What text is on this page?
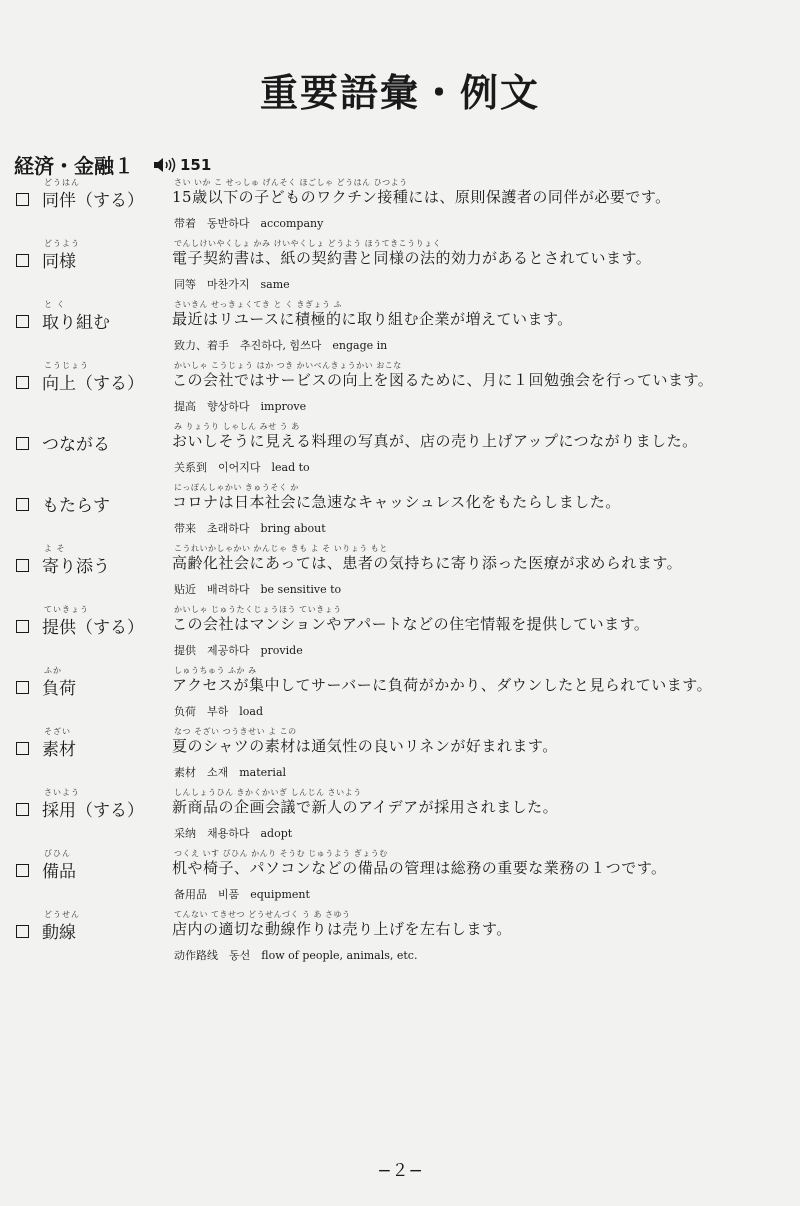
重要語彙・例文
経済・金融１	151
どうはん
同伴（する）
さい いか こ せっしゅ げんそく ほごしゃ どうはん ひつよう
15歳以下の子どものワクチン接種には、原則保護者の同伴が必要です。
带着　동반하다　accompany
どうよう
同様
でんしけいやくしょ かみ けいやくしょ どうよう ほうてきこうりょく
電子契約書は、紙の契約書と同様の法的効力があるとされています。
同等　마찬가지　same
と く
取り組む
さいきん せっきょくてき と く きぎょう ふ
最近はリユースに積極的に取り組む企業が増えています。
致力、着手　추진하다, 힘쓰다　engage in
こうじょう
向上（する）
かいしゃ こうじょう はか つき かいべんきょうかい おこな
この会社ではサービスの向上を図るために、月に１回勉強会を行っています。
提高　향상하다　improve
つながる
み りょうり しゃしん みせ う あ
おいしそうに見える料理の写真が、店の売り上げアップにつながりました。
关系到　이어지다　lead to
もたらす
にっぽんしゃかい きゅうそく か
コロナは日本社会に急速なキャッシュレス化をもたらしました。
带来　초래하다　bring about
よ そ
寄り添う
こうれいかしゃかい かんじゃ きも よ そ いりょう もと
高齢化社会にあっては、患者の気持ちに寄り添った医療が求められます。
贴近　배려하다　be sensitive to
ていきょう
提供（する）
かいしゃ じゅうたくじょうほう ていきょう
この会社はマンションやアパートなどの住宅情報を提供しています。
提供　제공하다　provide
ふか
負荷
しゅうちゅう ふか み
アクセスが集中してサーバーに負荷がかかり、ダウンしたと見られています。
负荷　부하　load
そざい
素材
なつ そざい つうきせい よ この
夏のシャツの素材は通気性の良いリネンが好まれます。
素材　소재　material
さいよう
採用（する）
しんしょうひん きかくかいぎ しんじん さいよう
新商品の企画会議で新人のアイデアが採用されました。
采纳　채용하다　adopt
びひん
備品
つくえ いす びひん かんり そうむ じゅうよう ぎょうむ
机や椅子、パソコンなどの備品の管理は総務の重要な業務の１つです。
备用品　비품　equipment
どうせん
動線
てんない てきせつ どうせんづく う あ さゆう
店内の適切な動線作りは売り上げを左右します。
动作路线　동선　flow of people, animals, etc.
−２−
